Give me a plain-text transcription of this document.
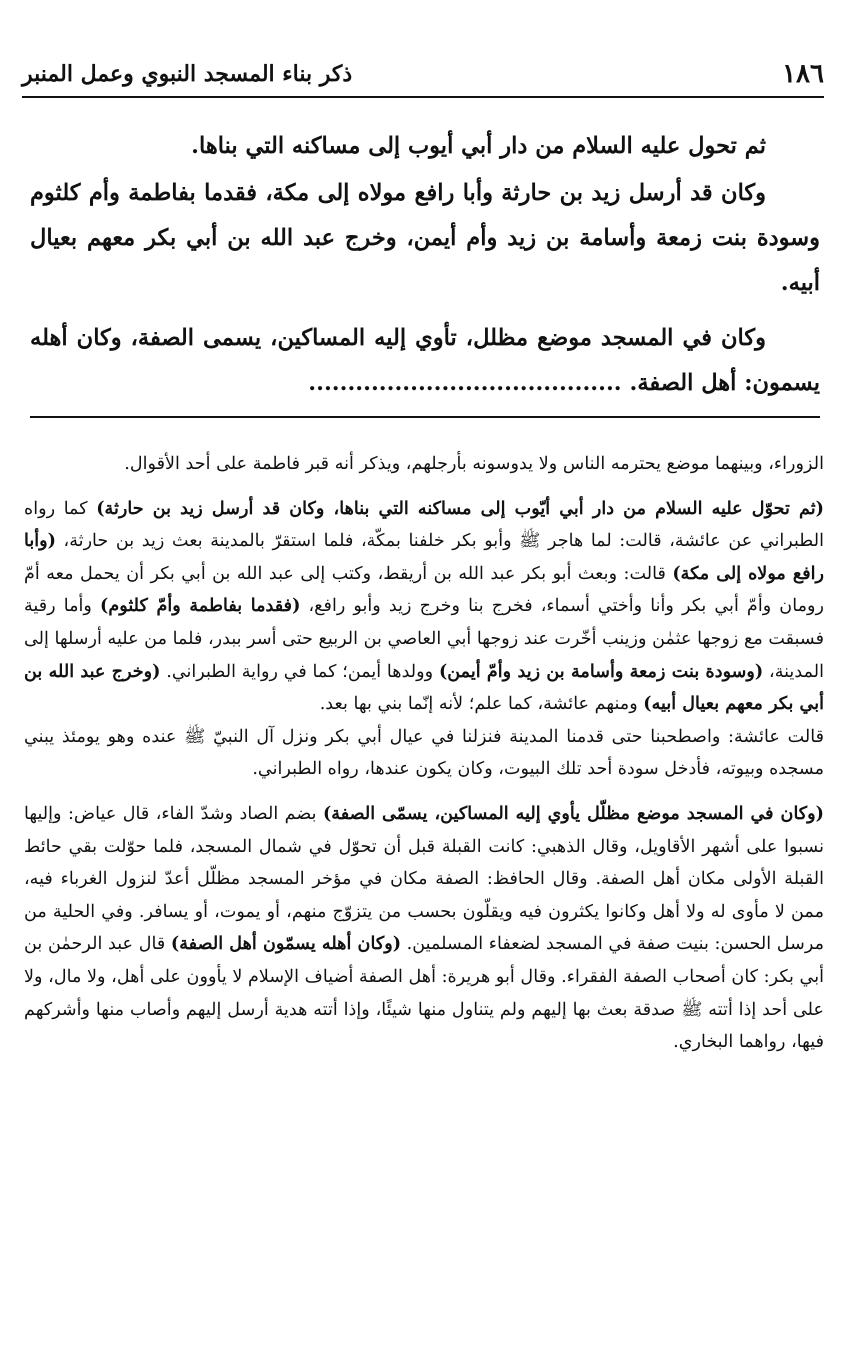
١٨٦
ذكر بناء المسجد النبوي وعمل المنبر

ثم تحول عليه السلام من دار أبي أيوب إلى مساكنه التي بناها.

وكان قد أرسل زيد بن حارثة وأبا رافع مولاه إلى مكة، فقدما بفاطمة وأم كلثوم وسودة بنت زمعة وأسامة بن زيد وأم أيمن، وخرج عبد الله بن أبي بكر معهم بعيال أبيه.

وكان في المسجد موضع مظلل، تأوي إليه المساكين، يسمى الصفة، وكان أهله يسمون: أهل الصفة. ........................................

الزوراء، وبينهما موضع يحترمه الناس ولا يدوسونه بأرجلهم، ويذكر أنه قبر فاطمة على أحد الأقوال.

(ثم تحوّل عليه السلام من دار أبي أيّوب إلى مساكنه التي بناها، وكان قد أرسل زيد بن حارثة) كما رواه الطبراني عن عائشة، قالت: لما هاجر ﷺ وأبو بكر خلفنا بمكّة، فلما استقرّ بالمدينة بعث زيد بن حارثة، (وأبا رافع مولاه إلى مكة) قالت: وبعث أبو بكر عبد الله بن أريقط، وكتب إلى عبد الله بن أبي بكر أن يحمل معه أمّ رومان وأمّ أبي بكر وأنا وأختي أسماء، فخرج بنا وخرج زيد وأبو رافع، (فقدما بفاطمة وأمّ كلثوم) وأما رقية فسبقت مع زوجها عثمٰن وزينب أخّرت عند زوجها أبي العاصي بن الربيع حتى أسر ببدر، فلما من عليه أرسلها إلى المدينة، (وسودة بنت زمعة وأسامة بن زيد وأمّ أيمن) وولدها أيمن؛ كما في رواية الطبراني. (وخرج عبد الله بن أبي بكر معهم بعيال أبيه) ومنهم عائشة، كما علم؛ لأنه إنّما بني بها بعد.

قالت عائشة: واصطحبنا حتى قدمنا المدينة فنزلنا في عيال أبي بكر ونزل آل النبيّ ﷺ عنده وهو يومئذ يبني مسجده وبيوته، فأدخل سودة أحد تلك البيوت، وكان يكون عندها، رواه الطبراني.

(وكان في المسجد موضع مظلّل يأوي إليه المساكين، يسمّى الصفة) بضم الصاد وشدّ الفاء، قال عياض: وإليها نسبوا على أشهر الأقاويل، وقال الذهبي: كانت القبلة قبل أن تحوّل في شمال المسجد، فلما حوّلت بقي حائط القبلة الأولى مكان أهل الصفة. وقال الحافظ: الصفة مكان في مؤخر المسجد مظلّل أعدّ لنزول الغرباء فيه، ممن لا مأوى له ولا أهل وكانوا يكثرون فيه ويقلّون بحسب من يتزوّج منهم، أو يموت، أو يسافر. وفي الحلية من مرسل الحسن: بنيت صفة في المسجد لضعفاء المسلمين. (وكان أهله يسمّون أهل الصفة) قال عبد الرحمٰن بن أبي بكر: كان أصحاب الصفة الفقراء. وقال أبو هريرة: أهل الصفة أضياف الإسلام لا يأوون على أهل، ولا مال، ولا على أحد إذا أتته ﷺ صدقة بعث بها إليهم ولم يتناول منها شيئًا، وإذا أتته هدية أرسل إليهم وأصاب منها وأشركهم فيها، رواهما البخاري.
